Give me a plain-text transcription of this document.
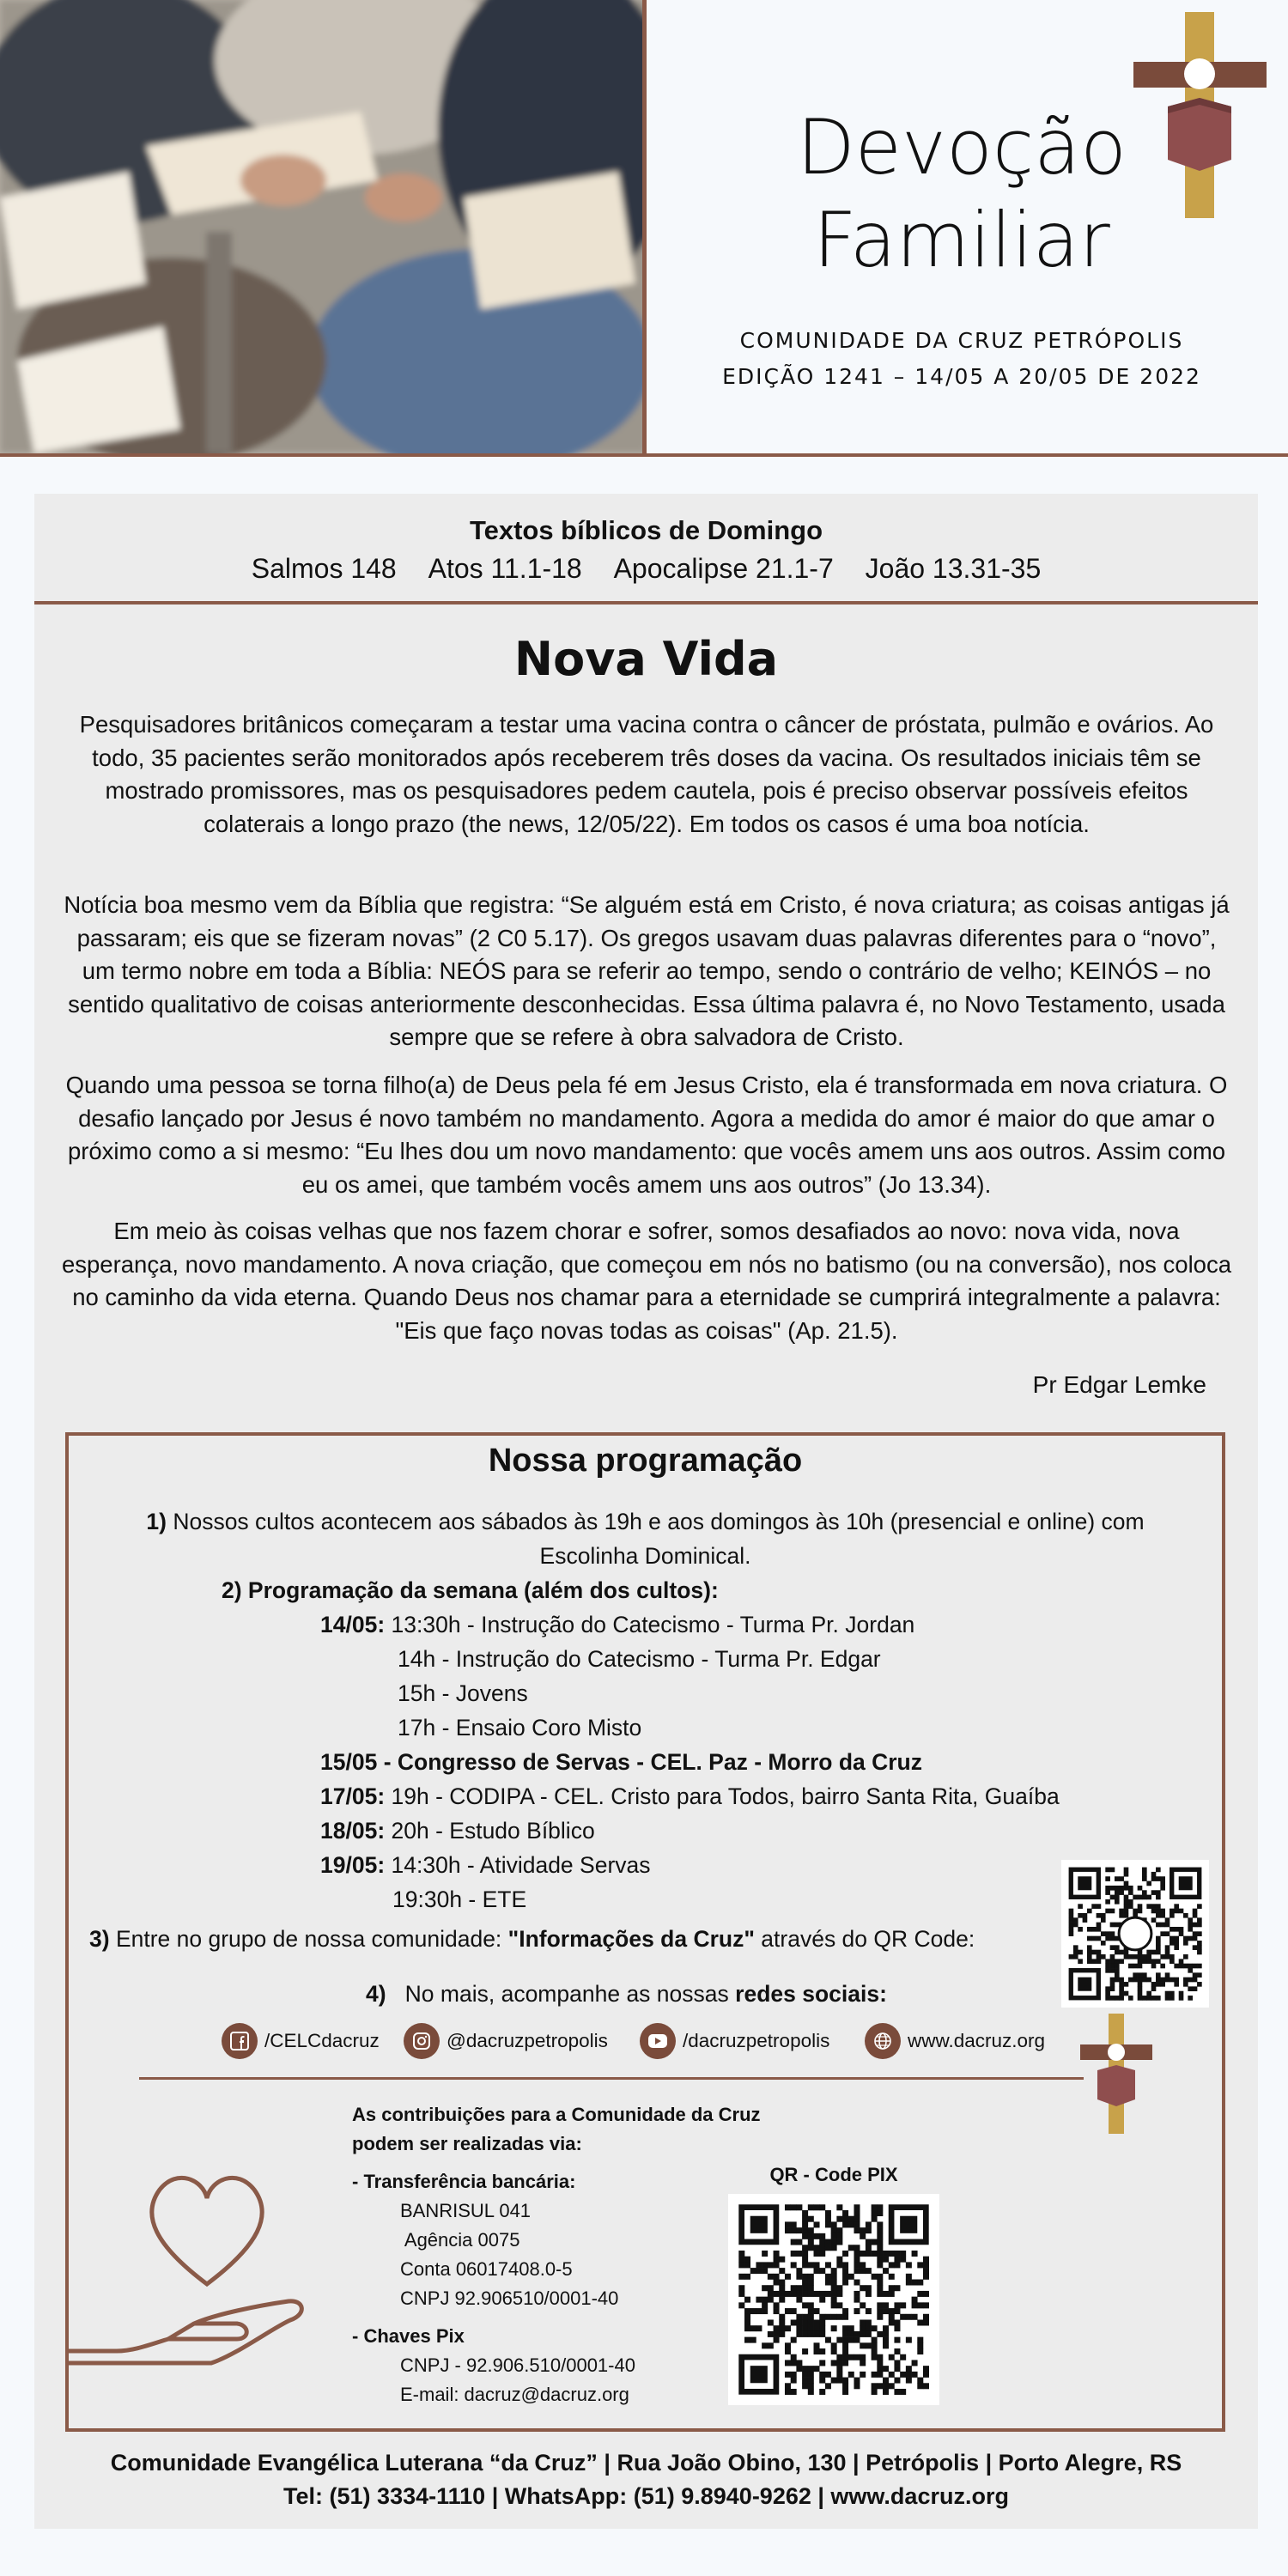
Devoção
Familiar
COMUNIDADE DA CRUZ PETRÓPOLIS
EDIÇÃO 1241 – 14/05 A 20/05 DE 2022
Textos bíblicos de Domingo
Salmos 148 Atos 11.1-18 Apocalipse 21.1-7 João 13.31-35
Nova Vida
Pesquisadores britânicos começaram a testar uma vacina contra o câncer de próstata, pulmão e ovários. Ao todo, 35 pacientes serão monitorados após receberem três doses da vacina. Os resultados iniciais têm se mostrado promissores, mas os pesquisadores pedem cautela, pois é preciso observar possíveis efeitos colaterais a longo prazo (the news, 12/05/22). Em todos os casos é uma boa notícia.
Notícia boa mesmo vem da Bíblia que registra: “Se alguém está em Cristo, é nova criatura; as coisas antigas já passaram; eis que se fizeram novas” (2 C0 5.17). Os gregos usavam duas palavras diferentes para o “novo”, um termo nobre em toda a Bíblia: NEÓS para se referir ao tempo, sendo o contrário de velho; KEINÓS – no sentido qualitativo de coisas anteriormente desconhecidas. Essa última palavra é, no Novo Testamento, usada sempre que se refere à obra salvadora de Cristo.
Quando uma pessoa se torna filho(a) de Deus pela fé em Jesus Cristo, ela é transformada em nova criatura. O desafio lançado por Jesus é novo também no mandamento. Agora a medida do amor é maior do que amar o próximo como a si mesmo: “Eu lhes dou um novo mandamento: que vocês amem uns aos outros. Assim como eu os amei, que também vocês amem uns aos outros” (Jo 13.34).
Em meio às coisas velhas que nos fazem chorar e sofrer, somos desafiados ao novo: nova vida, nova esperança, novo mandamento. A nova criação, que começou em nós no batismo (ou na conversão), nos coloca no caminho da vida eterna. Quando Deus nos chamar para a eternidade se cumprirá integralmente a palavra: "Eis que faço novas todas as coisas" (Ap. 21.5).
Pr Edgar Lemke
Nossa programação
1) Nossos cultos acontecem aos sábados às 19h e aos domingos às 10h (presencial e online) com
Escolinha Dominical.
2) Programação da semana (além dos cultos):
14/05: 13:30h - Instrução do Catecismo - Turma Pr. Jordan
14h - Instrução do Catecismo - Turma Pr. Edgar
15h - Jovens
17h - Ensaio Coro Misto
15/05 - Congresso de Servas - CEL. Paz - Morro da Cruz
17/05: 19h - CODIPA - CEL. Cristo para Todos, bairro Santa Rita, Guaíba
18/05: 20h - Estudo Bíblico
19/05: 14:30h - Atividade Servas
19:30h - ETE
3) Entre no grupo de nossa comunidade: "Informações da Cruz" através do QR Code:
4) No mais, acompanhe as nossas redes sociais:
/CELCdacruz	@dacruzpetropolis	/dacruzpetropolis	www.dacruz.org
As contribuições para a Comunidade da Cruz
podem ser realizadas via:
- Transferência bancária:
BANRISUL 041
Agência 0075
Conta 06017408.0-5
CNPJ 92.906510/0001-40
- Chaves Pix
CNPJ - 92.906.510/0001-40
E-mail: dacruz@dacruz.org
QR - Code PIX
Comunidade Evangélica Luterana “da Cruz” | Rua João Obino, 130 | Petrópolis | Porto Alegre, RS
Tel: (51) 3334-1110 | WhatsApp: (51) 9.8940-9262 | www.dacruz.org
